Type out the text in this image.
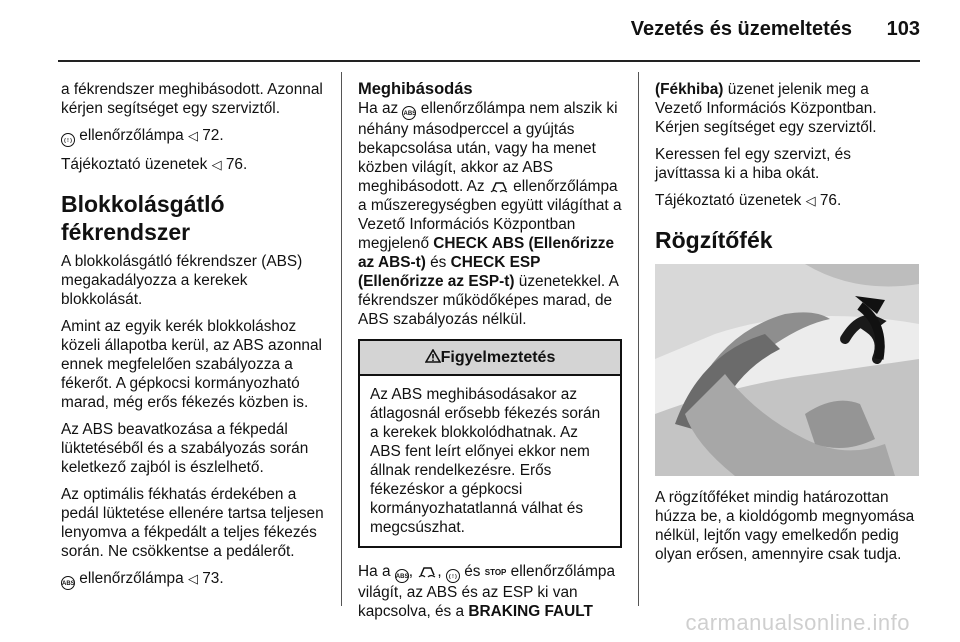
Vezetés és üzemeltetés 103

a fékrendszer meghibásodott. Azonnal kérjen segítséget egy szerviztől.

( ! ) ellenőrzőlámpa ◁ 72.

Tájékoztató üzenetek ◁ 76.

Blokkolásgátló fékrendszer

A blokkolásgátló fékrendszer (ABS) megakadályozza a kerekek blokkolását.

Amint az egyik kerék blokkoláshoz közeli állapotba kerül, az ABS azonnal ennek megfelelően szabályozza a fékerőt. A gépkocsi kormányozható marad, még erős fékezés közben is.

Az ABS beavatkozása a fékpedál lüktetéséből és a szabályozás során keletkező zajból is észlelhető.

Az optimális fékhatás érdekében a pedál lüktetése ellenére tartsa teljesen lenyomva a fékpedált a teljes fékezés során. Ne csökkentse a pedálerőt.

ABS ellenőrzőlámpa ◁ 73.

Meghibásodás

Ha az ABS ellenőrzőlámpa nem alszik ki néhány másodperccel a gyújtás bekapcsolása után, vagy ha menet közben világít, akkor az ABS meghibásodott. Az  ellenőrzőlámpa a műszeregységben együtt világíthat a Vezető Információs Központban megjelenő CHECK ABS (Ellenőrizze az ABS-t) és CHECK ESP (Ellenőrizze az ESP-t) üzenetekkel. A fékrendszer működőképes marad, de ABS szabályozás nélkül.

Figyelmeztetés
Az ABS meghibásodásakor az átlagosnál erősebb fékezés során a kerekek blokkolódhatnak. Az ABS fent leírt előnyei ekkor nem állnak rendelkezésre. Erős fékezéskor a gépkocsi kormányozhatatlanná válhat és megcsúszhat.

Ha a ABS, , ( ! ) és STOP ellenőrzőlámpa világít, az ABS és az ESP ki van kapcsolva, és a BRAKING FAULT

(Fékhiba) üzenet jelenik meg a Vezető Információs Központban. Kérjen segítséget egy szerviztől.

Keressen fel egy szervizt, és javíttassa ki a hiba okát.

Tájékoztató üzenetek ◁ 76.

Rögzítőfék

A rögzítőféket mindig határozottan húzza be, a kioldógomb megnyomása nélkül, lejtőn vagy emelkedőn pedig olyan erősen, amennyire csak tudja.

carmanualsonline.info
